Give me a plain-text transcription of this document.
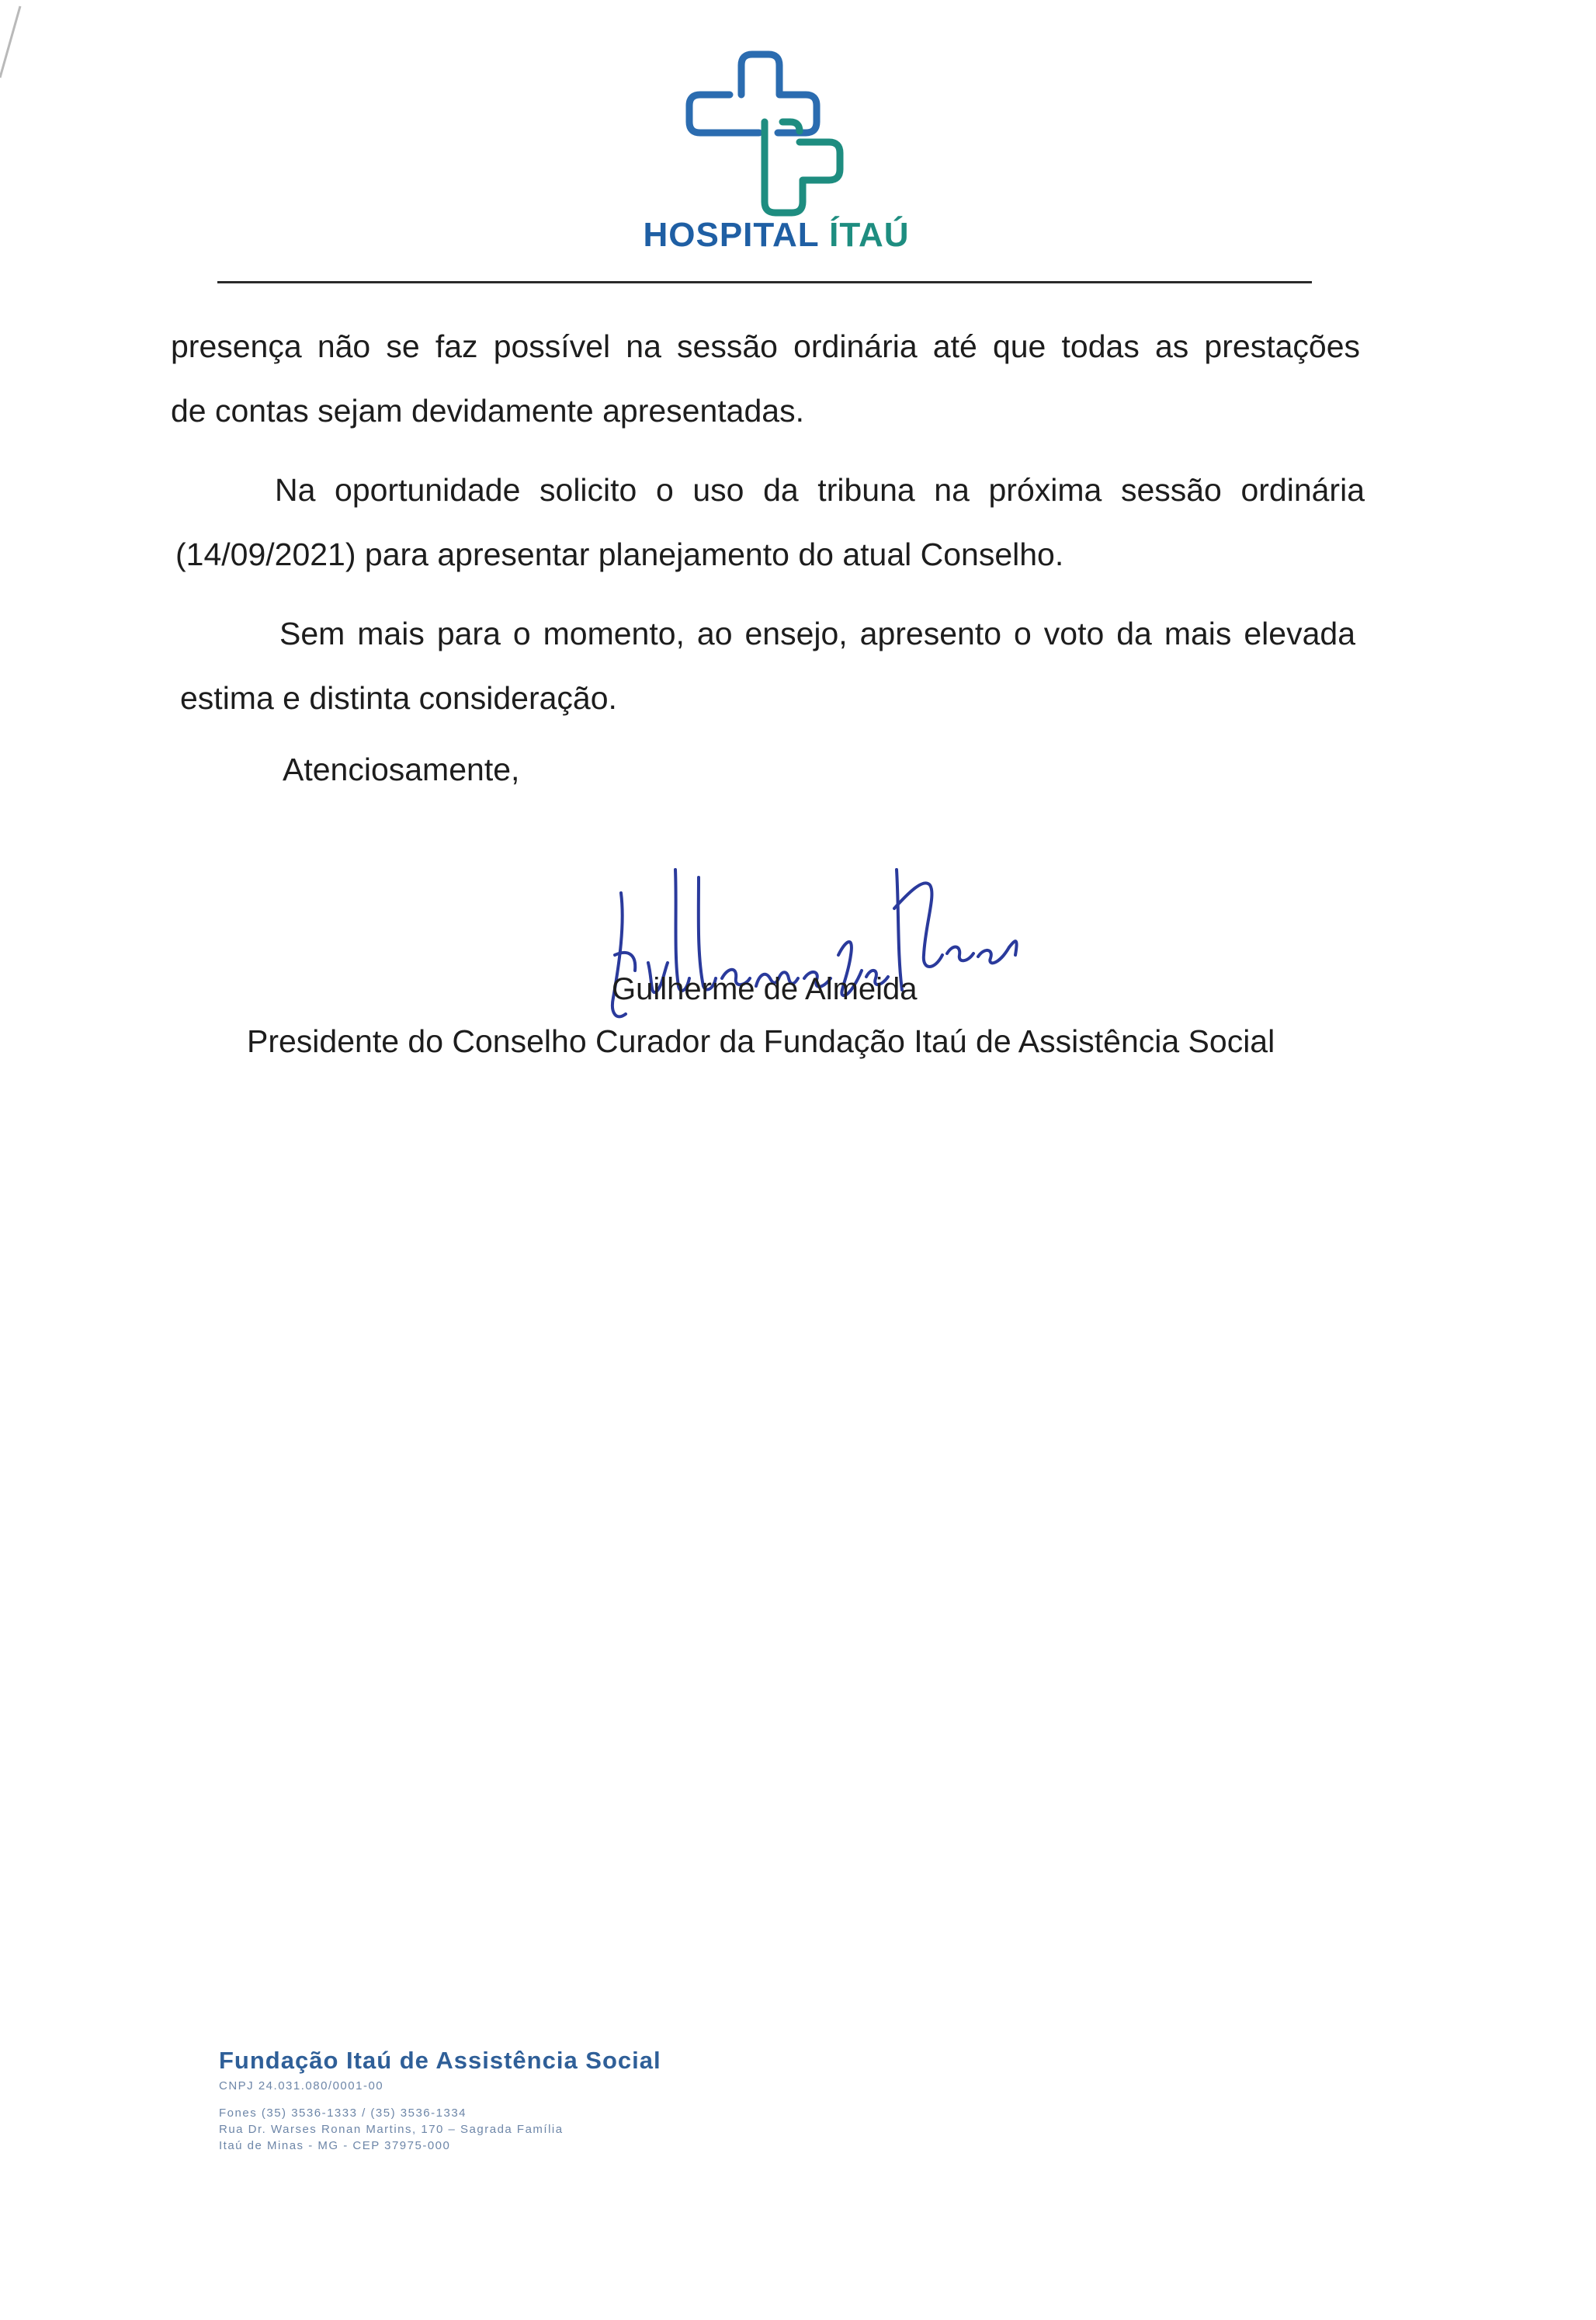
HOSPITAL ÍTAÚ
presença não se faz possível na sessão ordinária até que todas as prestações
de contas sejam devidamente apresentadas.
Na oportunidade solicito o uso da tribuna na próxima sessão ordinária
(14/09/2021) para apresentar planejamento do atual Conselho.
Sem mais para o momento, ao ensejo, apresento o voto da mais elevada
estima e distinta consideração.
Atenciosamente,
Guilherme de Almeida
Presidente do Conselho Curador da Fundação Itaú de Assistência Social
Fundação Itaú de Assistência Social
CNPJ 24.031.080/0001-00
Fones (35) 3536-1333 / (35) 3536-1334
Rua Dr. Warses Ronan Martins, 170 – Sagrada Família
Itaú de Minas - MG - CEP 37975-000
